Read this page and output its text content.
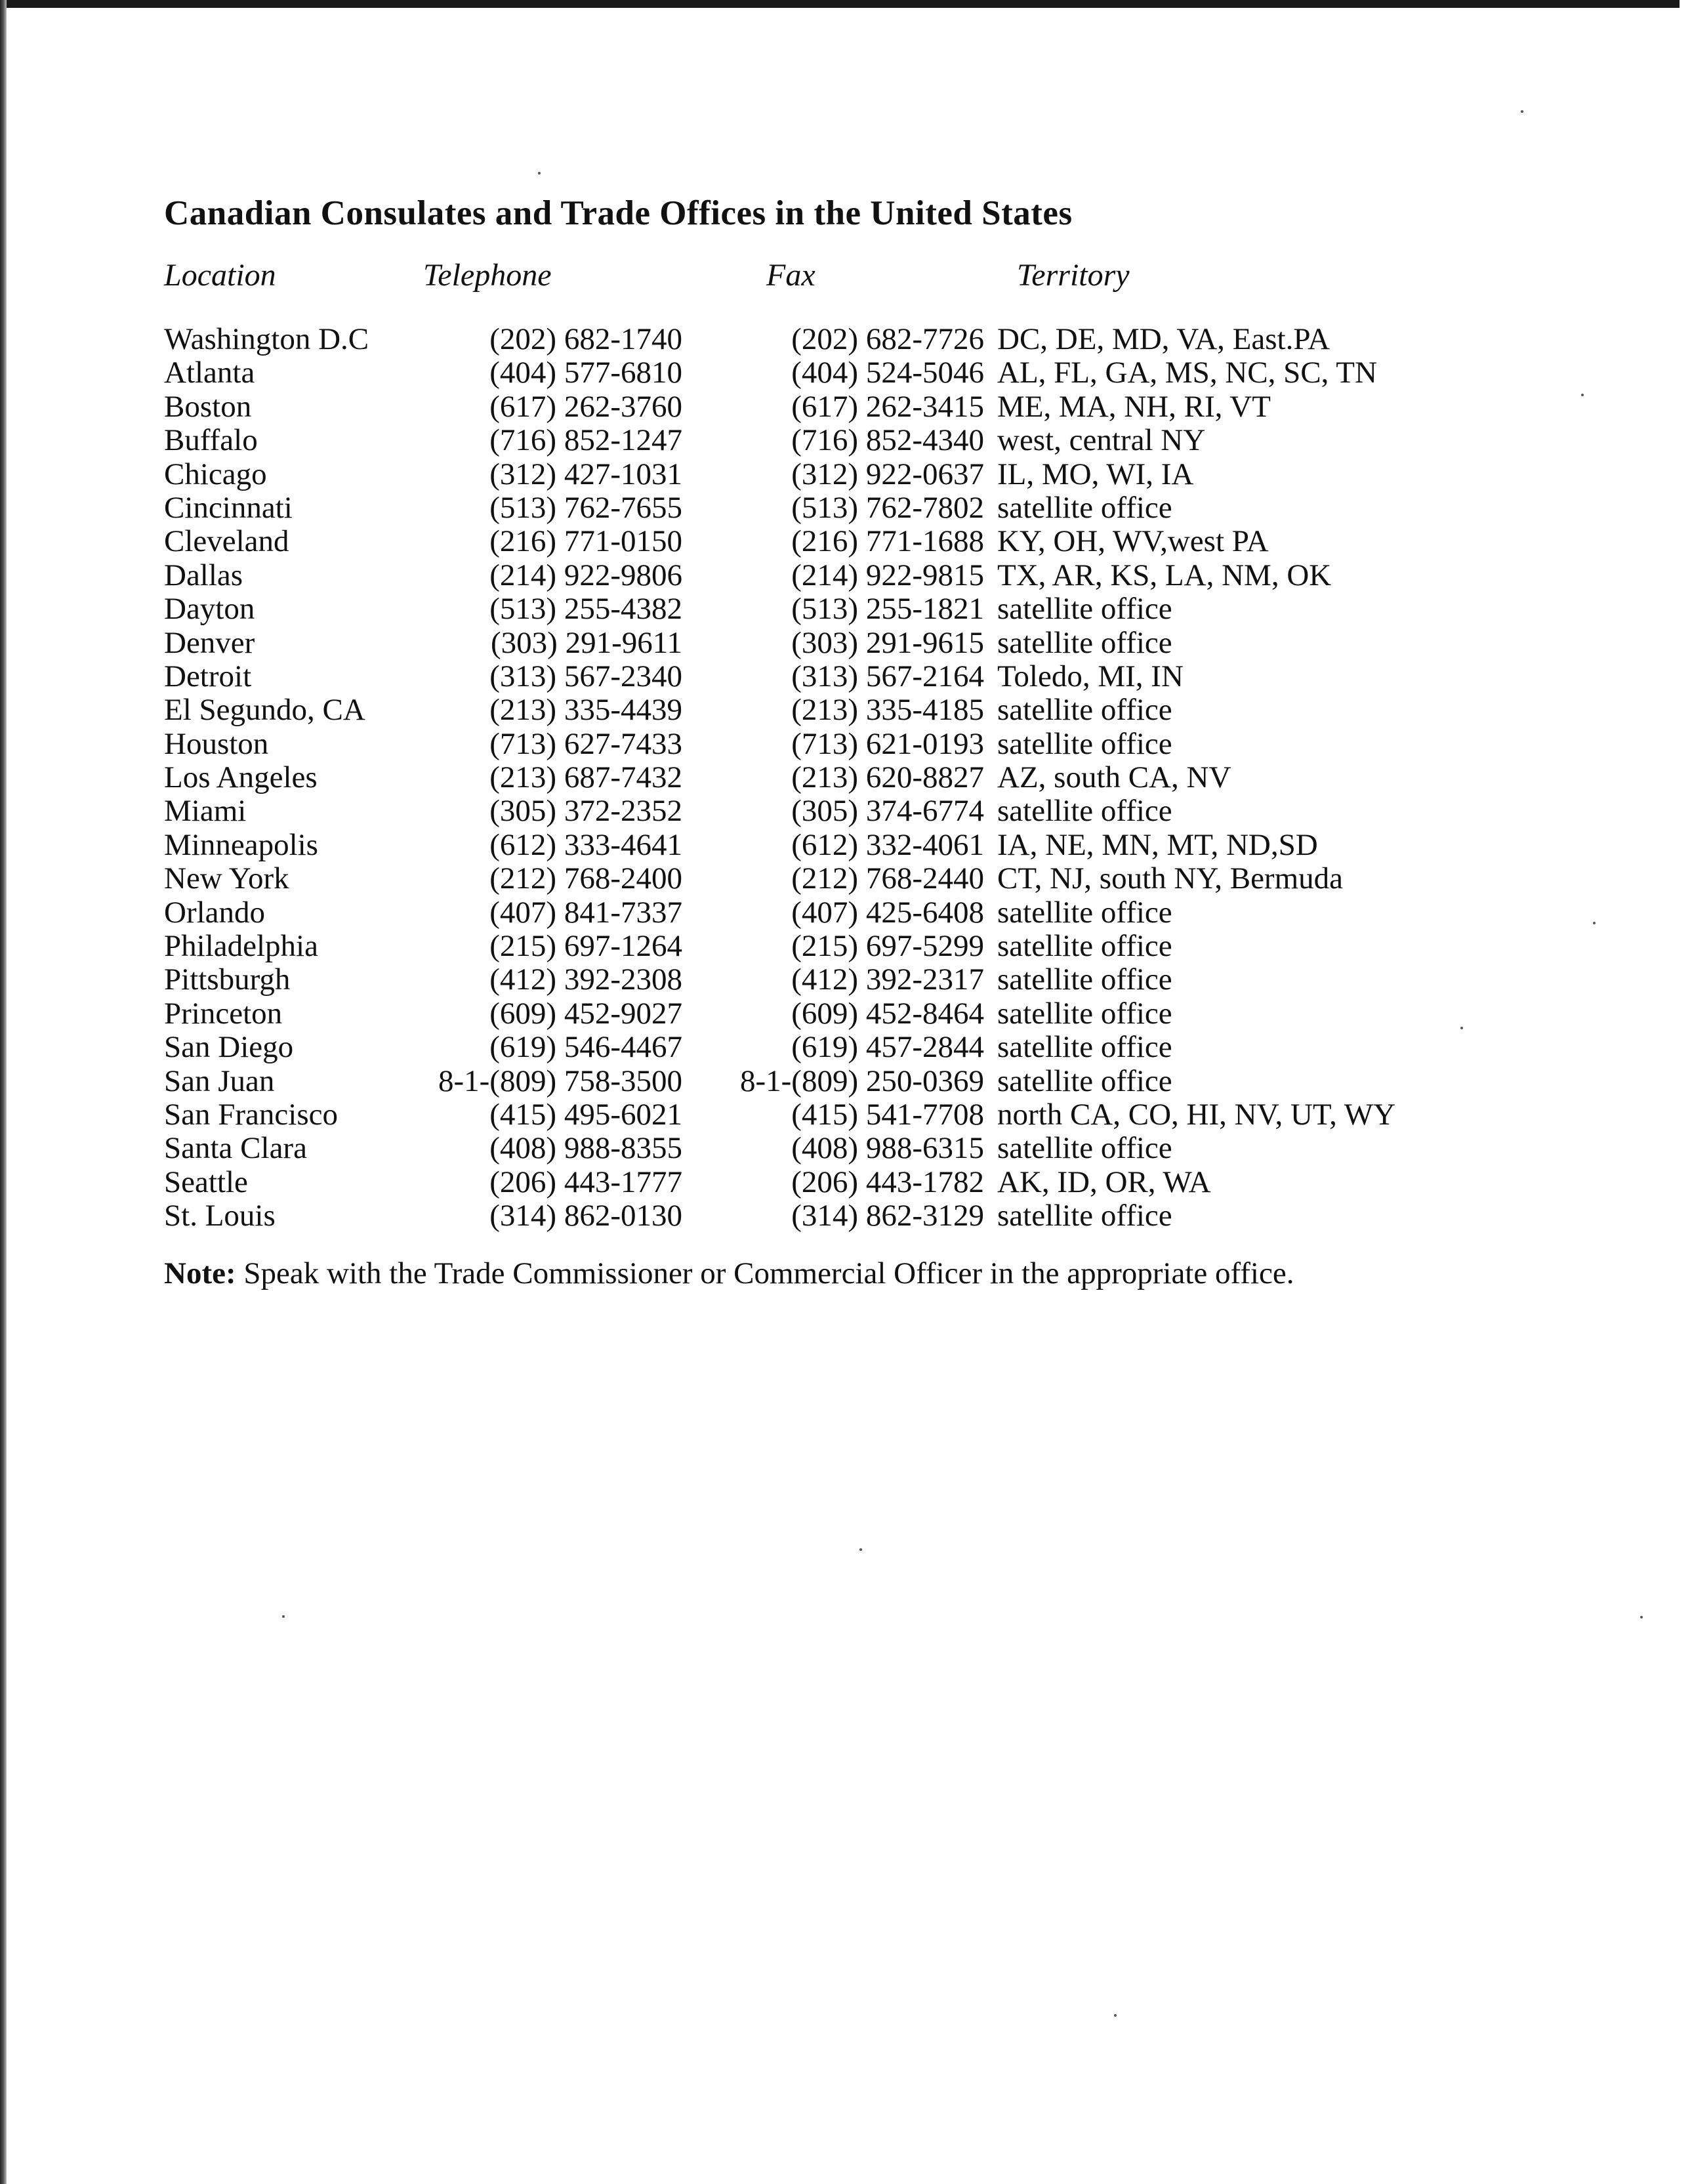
Canadian Consulates and Trade Offices in the United States
Location	Telephone	Fax	Territory
Washington D.C	(202) 682-1740	(202) 682-7726 DC, DE, MD, VA, East.PA
Atlanta	(404) 577-6810	(404) 524-5046 AL, FL, GA, MS, NC, SC, TN
Boston	(617) 262-3760	(617) 262-3415 ME, MA, NH, RI, VT
Buffalo	(716) 852-1247	(716) 852-4340 west, central NY
Chicago	(312) 427-1031	(312) 922-0637 IL, MO, WI, IA
Cincinnati	(513) 762-7655	(513) 762-7802 satellite office
Cleveland	(216) 771-0150	(216) 771-1688 KY, OH, WV,west PA
Dallas	(214) 922-9806	(214) 922-9815 TX, AR, KS, LA, NM, OK
Dayton	(513) 255-4382	(513) 255-1821 satellite office
Denver	(303) 291-9611	(303) 291-9615 satellite office
Detroit	(313) 567-2340	(313) 567-2164 Toledo, MI, IN
El Segundo, CA	(213) 335-4439	(213) 335-4185 satellite office
Houston	(713) 627-7433	(713) 621-0193 satellite office
Los Angeles	(213) 687-7432	(213) 620-8827 AZ, south CA, NV
Miami	(305) 372-2352	(305) 374-6774 satellite office
Minneapolis	(612) 333-4641	(612) 332-4061 IA, NE, MN, MT, ND,SD
New York	(212) 768-2400	(212) 768-2440 CT, NJ, south NY, Bermuda
Orlando	(407) 841-7337	(407) 425-6408 satellite office
Philadelphia	(215) 697-1264	(215) 697-5299 satellite office
Pittsburgh	(412) 392-2308	(412) 392-2317 satellite office
Princeton	(609) 452-9027	(609) 452-8464 satellite office
San Diego	(619) 546-4467	(619) 457-2844 satellite office
San Juan	8-1-(809) 758-3500 8-1-(809) 250-0369 satellite office
San Francisco	(415) 495-6021	(415) 541-7708 north CA, CO, HI, NV, UT, WY
Santa Clara	(408) 988-8355	(408) 988-6315 satellite office
Seattle	(206) 443-1777	(206) 443-1782 AK, ID, OR, WA
St. Louis	(314) 862-0130	(314) 862-3129 satellite office
Note: Speak with the Trade Commissioner or Commercial Officer in the appropriate office.
